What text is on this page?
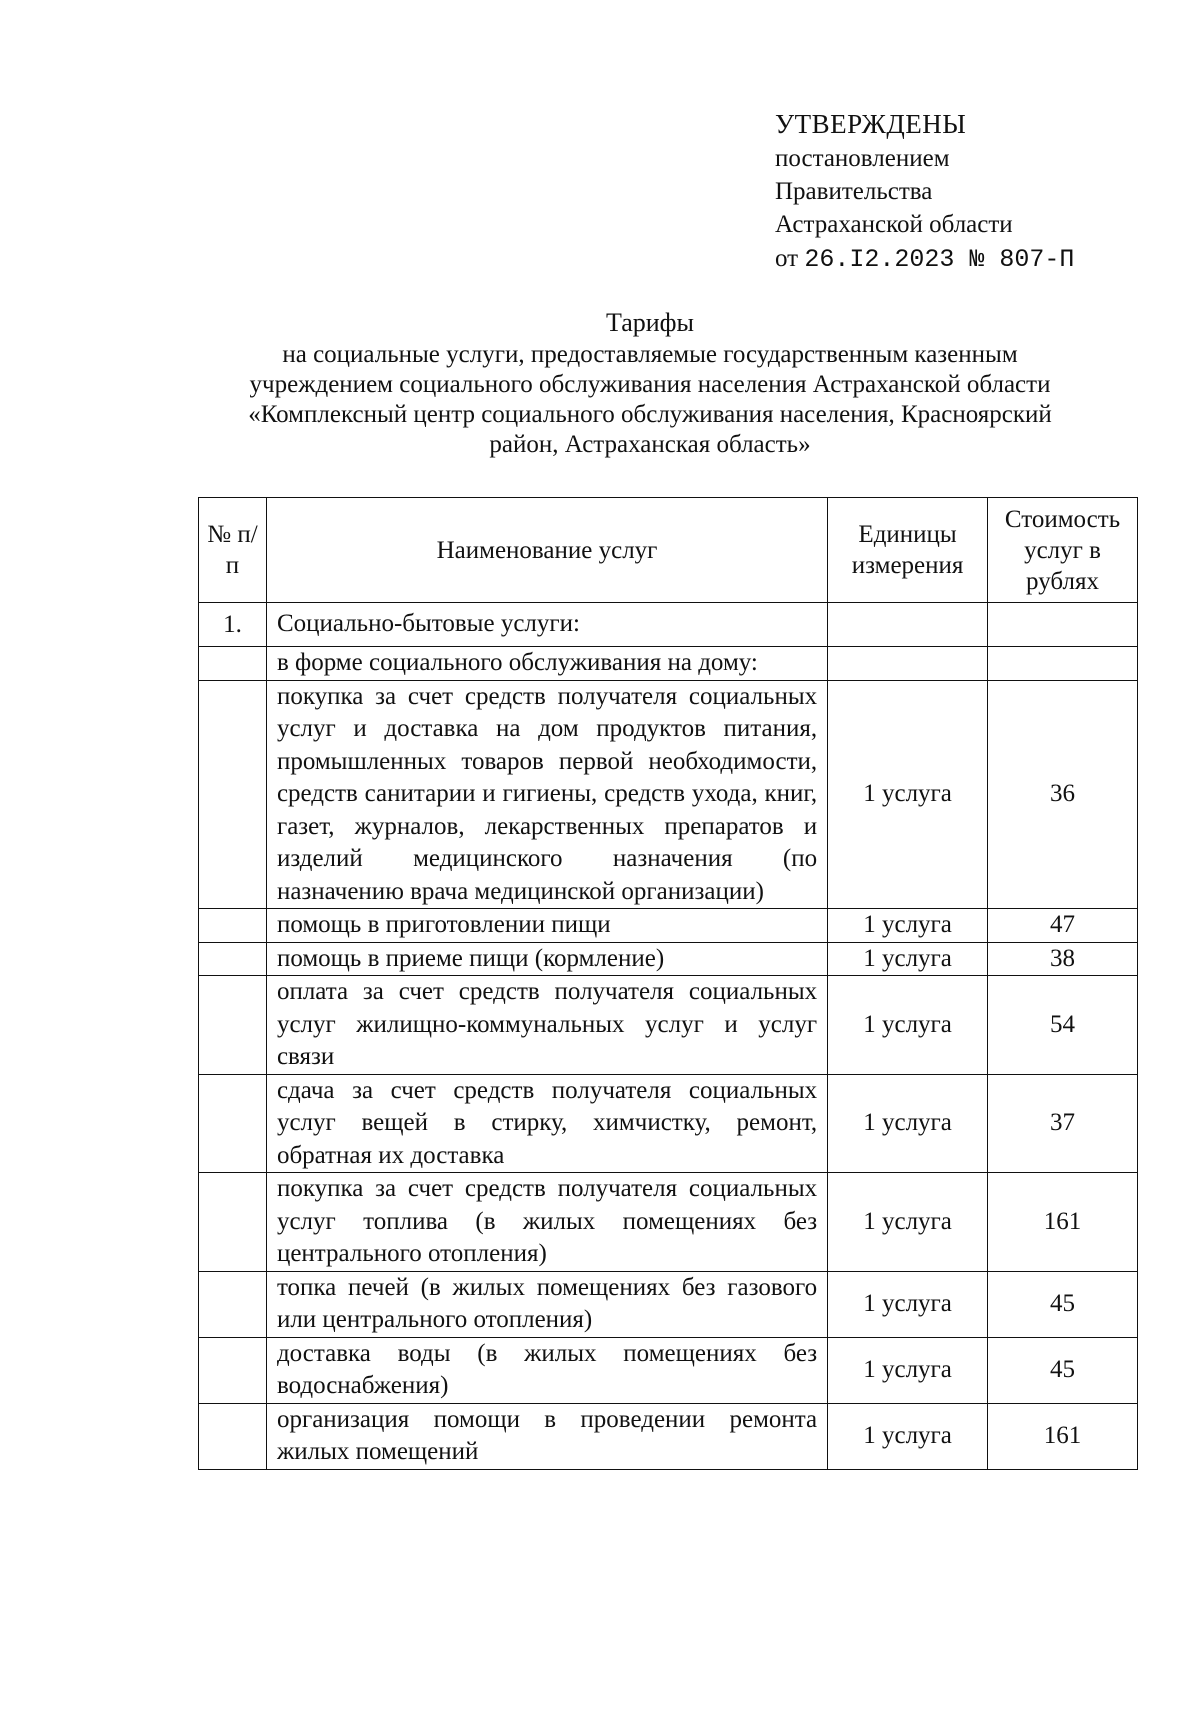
УТВЕРЖДЕНЫ
постановлением
Правительства
Астраханской области
от 26.I2.2023 № 807-П
Тарифы
на социальные услуги, предоставляемые государственным казенным
учреждением социального обслуживания населения Астраханской области
«Комплексный центр социального обслуживания населения, Красноярский
район, Астраханская область»
№ п/п	Наименование услуг	Единицы измерения	Стоимость услуг в рублях
1.	Социально-бытовые услуги:		
	в форме социального обслуживания на дому:		
	покупка за счет средств получателя социальных услуг и доставка на дом продуктов питания, промышленных товаров первой необходимости, средств санитарии и гигиены, средств ухода, книг, газет, журналов, лекарственных препаратов и изделий медицинского назначения (по назначению врача медицинской организации)	1 услуга	36
	помощь в приготовлении пищи	1 услуга	47
	помощь в приеме пищи (кормление)	1 услуга	38
	оплата за счет средств получателя социальных услуг жилищно-коммунальных услуг и услуг связи	1 услуга	54
	сдача за счет средств получателя социальных услуг вещей в стирку, химчистку, ремонт, обратная их доставка	1 услуга	37
	покупка за счет средств получателя социальных услуг топлива (в жилых помещениях без центрального отопления)	1 услуга	161
	топка печей (в жилых помещениях без газового или центрального отопления)	1 услуга	45
	доставка воды (в жилых помещениях без водоснабжения)	1 услуга	45
	организация помощи в проведении ремонта жилых помещений	1 услуга	161
